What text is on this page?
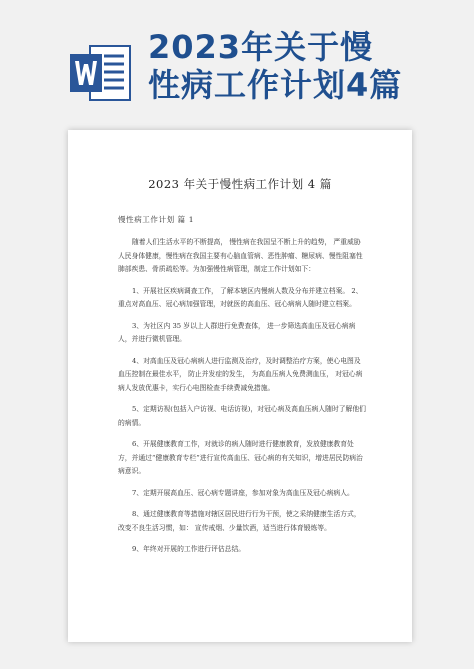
2023年关于慢
性病工作计划4篇
2023 年关于慢性病工作计划 4 篇
慢性病工作计划 篇 1

随着人们生活水平的不断提高， 慢性病在我国呈不断上升的趋势， 严重威胁人民身体健康，慢性病在我国主要有心脑血管病、恶性肿瘤、糖尿病、慢性阻塞性肺部疾患、骨质疏松等。为加强慢性病管理，制定工作计划如下：

1、开展社区疾病调查工作， 了解本辖区内慢病人数及分布并建立档案。 2、重点对高血压、冠心病加强管理，对就医的高血压、冠心病病人随时建立档案。

3、为社区内 35 岁以上人群进行免费查体， 进一步筛选高血压及冠心病病人，并进行微机管理。

4、对高血压及冠心病病人进行监测及治疗，及时调整治疗方案，使心电图及血压控制在最佳水平， 防止并发症的发生， 为高血压病人免费测血压， 对冠心病病人发放优惠卡，实行心电图检查手续费减免措施。

5、定期访视(包括入户访视、电话访视)，对冠心病及高血压病人随时了解他们的病情。

6、开展健康教育工作，对就诊的病人随时进行健康教育，发放健康教育处方，并通过“健康教育专栏”进行宣传高血压、冠心病的有关知识，增进居民防病治病意识。

7、定期开展高血压、冠心病专题讲座，参加对象为高血压及冠心病病人。

8、通过健康教育等措施对辖区居民进行行为干预，使之采纳健康生活方式，改变不良生活习惯，如： 宣传戒烟、少量饮酒，适当进行体育锻炼等。

9、年终对开展的工作进行评估总结。
